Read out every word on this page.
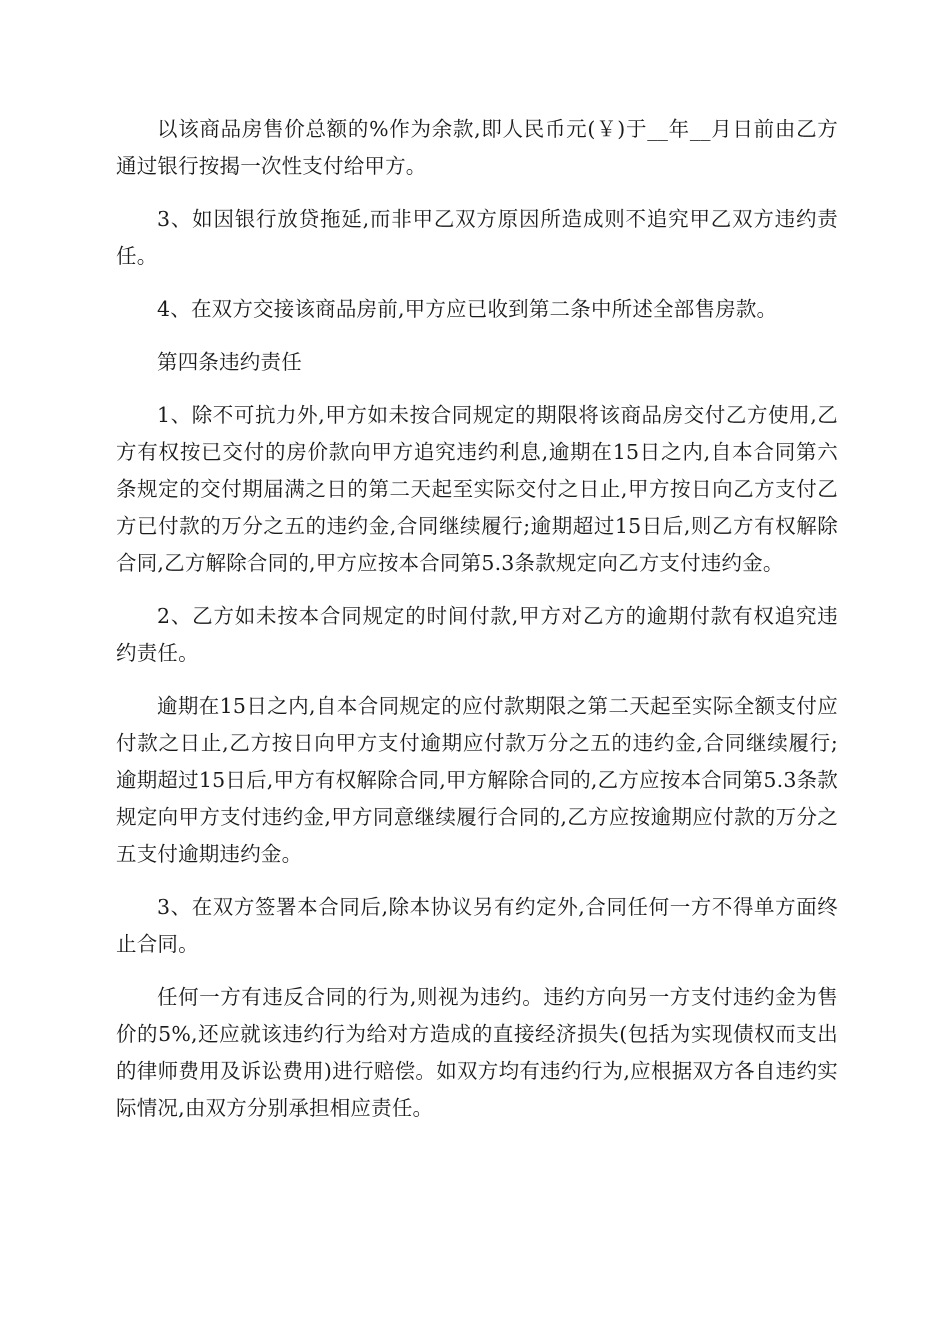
以该商品房售价总额的%作为余款,即人民币元(￥)于__年__月日前由乙方通过银行按揭一次性支付给甲方。

3、如因银行放贷拖延,而非甲乙双方原因所造成则不追究甲乙双方违约责任。

4、在双方交接该商品房前,甲方应已收到第二条中所述全部售房款。

第四条违约责任

1、除不可抗力外,甲方如未按合同规定的期限将该商品房交付乙方使用,乙方有权按已交付的房价款向甲方追究违约利息,逾期在15日之内,自本合同第六条规定的交付期届满之日的第二天起至实际交付之日止,甲方按日向乙方支付乙方已付款的万分之五的违约金,合同继续履行;逾期超过15日后,则乙方有权解除合同,乙方解除合同的,甲方应按本合同第5.3条款规定向乙方支付违约金。

2、乙方如未按本合同规定的时间付款,甲方对乙方的逾期付款有权追究违约责任。

逾期在15日之内,自本合同规定的应付款期限之第二天起至实际全额支付应付款之日止,乙方按日向甲方支付逾期应付款万分之五的违约金,合同继续履行;逾期超过15日后,甲方有权解除合同,甲方解除合同的,乙方应按本合同第5.3条款规定向甲方支付违约金,甲方同意继续履行合同的,乙方应按逾期应付款的万分之五支付逾期违约金。

3、在双方签署本合同后,除本协议另有约定外,合同任何一方不得单方面终止合同。

任何一方有违反合同的行为,则视为违约。违约方向另一方支付违约金为售价的5%,还应就该违约行为给对方造成的直接经济损失(包括为实现债权而支出的律师费用及诉讼费用)进行赔偿。如双方均有违约行为,应根据双方各自违约实际情况,由双方分别承担相应责任。
